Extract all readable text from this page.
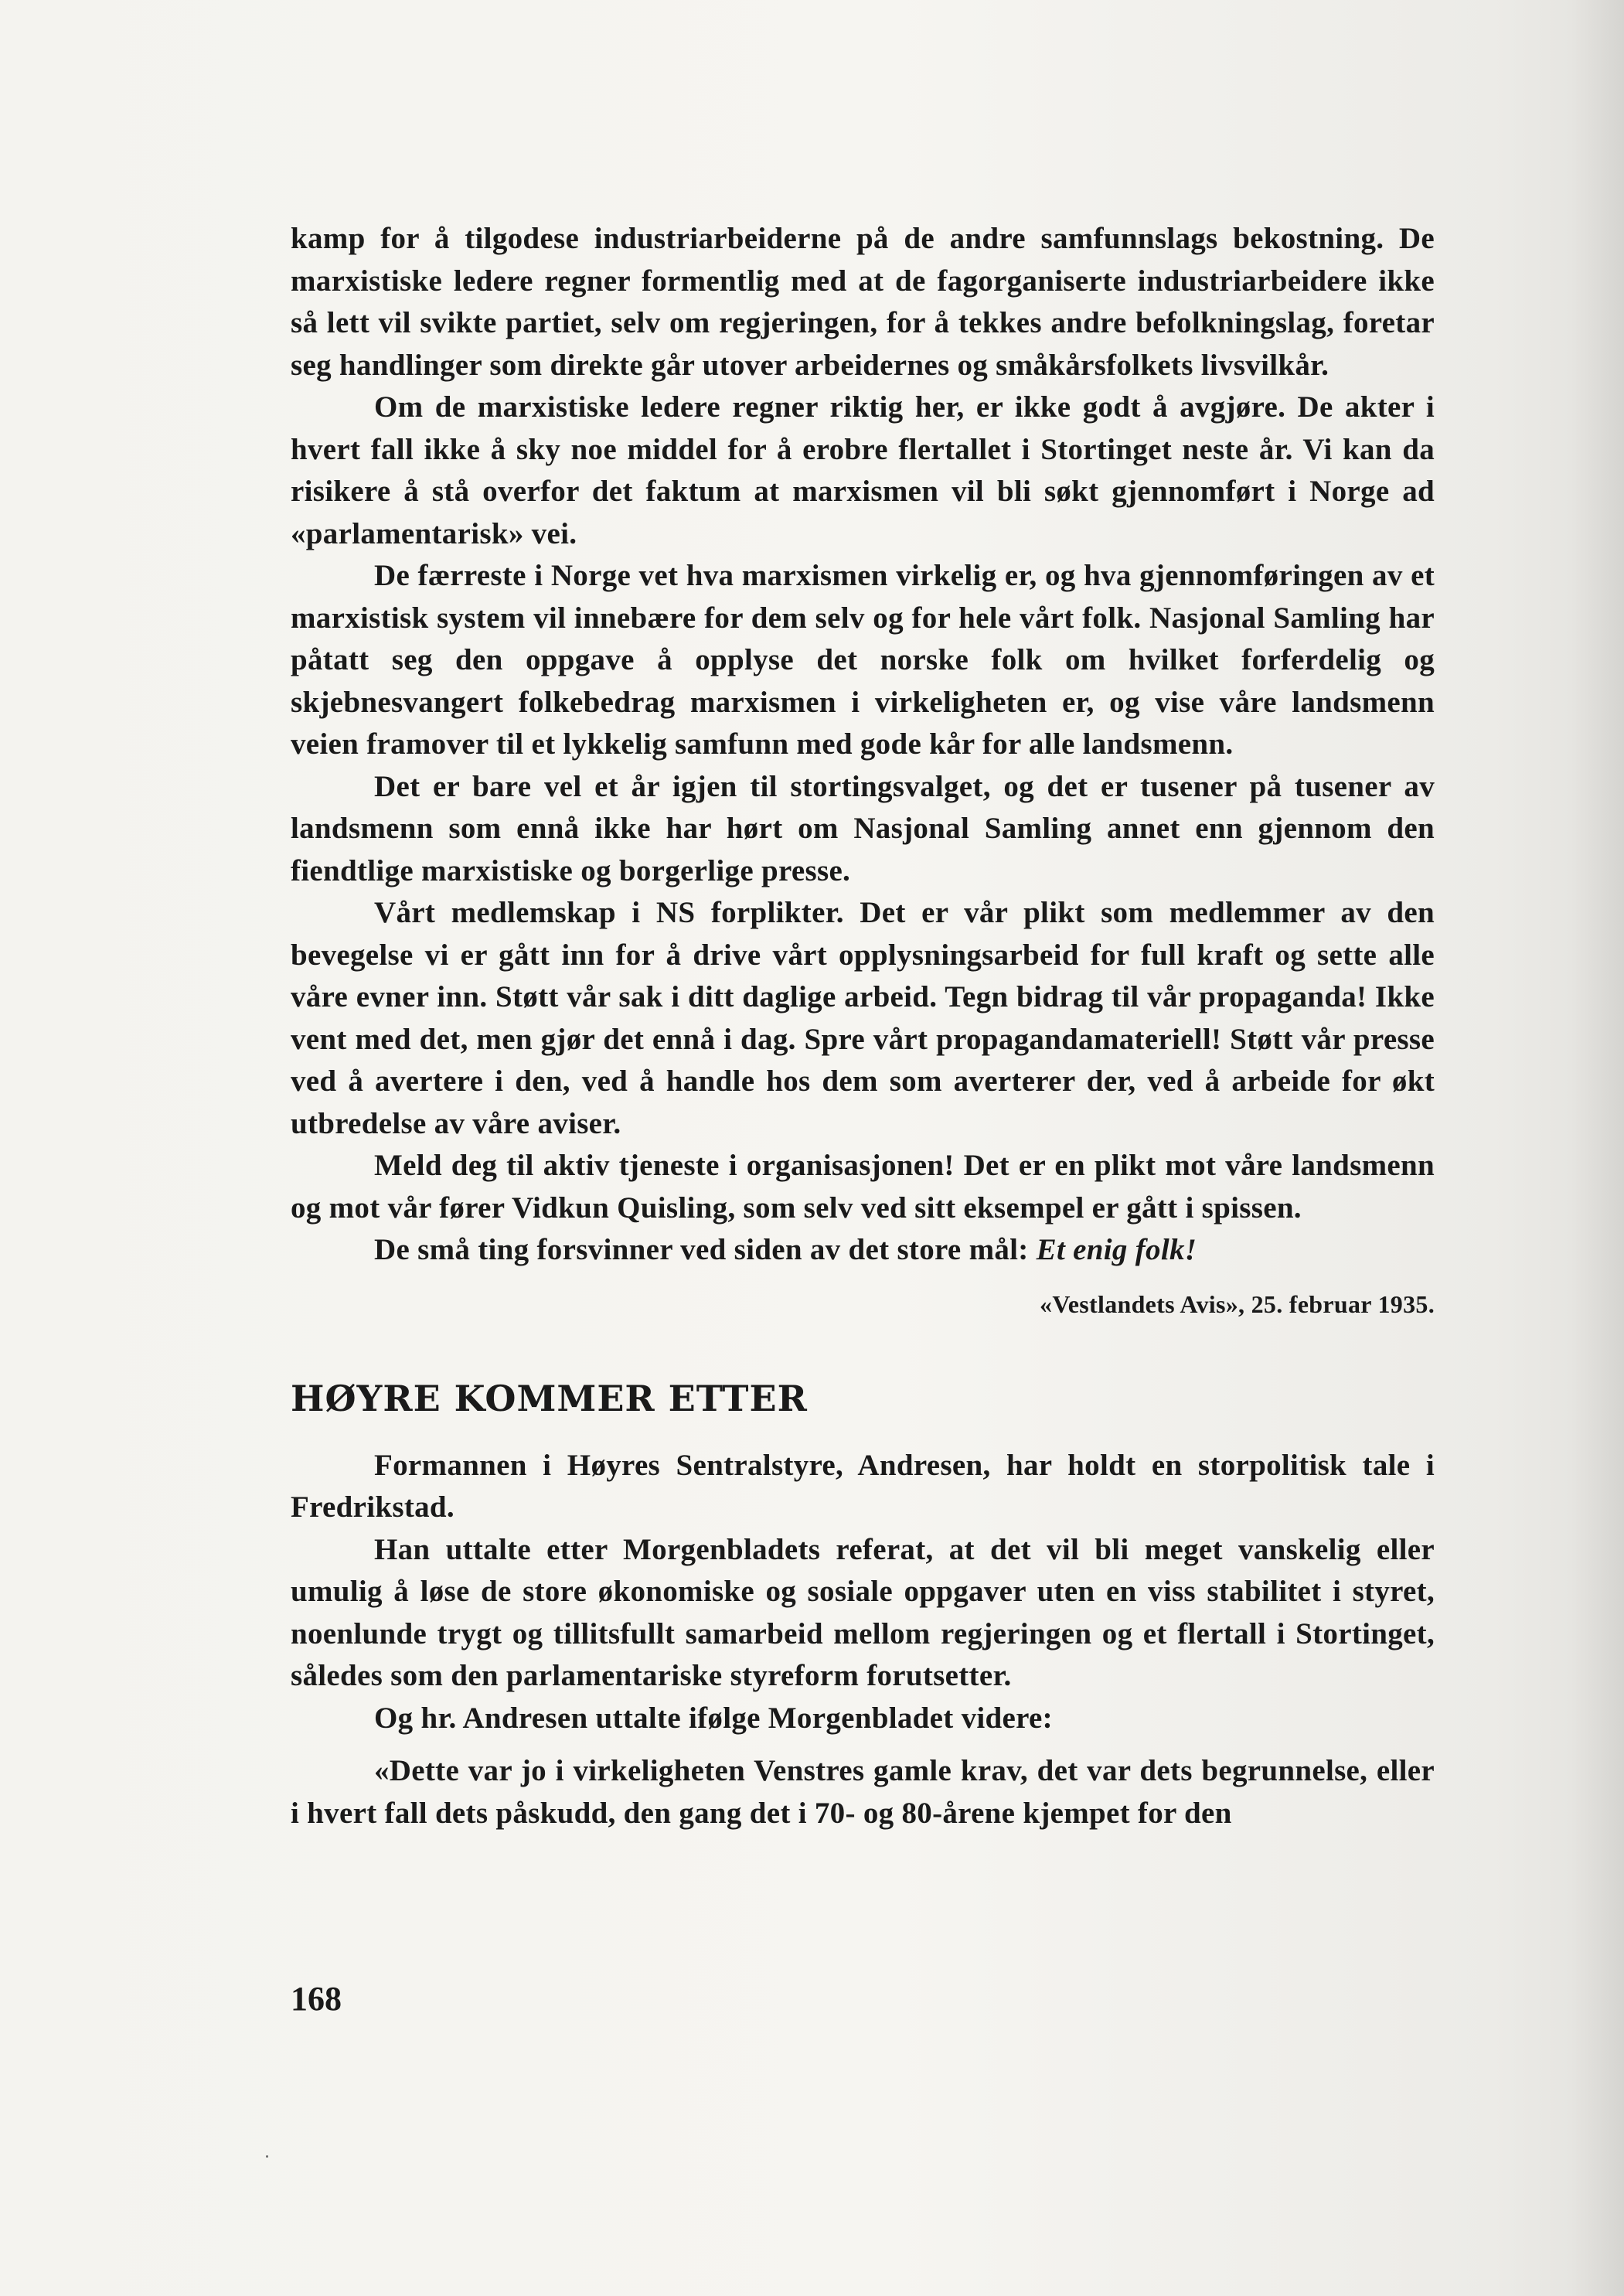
kamp for å tilgodese industriarbeiderne på de andre samfunnslags bekostning. De marxistiske ledere regner formentlig med at de fagorganiserte industriarbeidere ikke så lett vil svikte partiet, selv om regjeringen, for å tekkes andre befolkningslag, foretar seg handlinger som direkte går utover arbeidernes og småkårsfolkets livsvilkår.

Om de marxistiske ledere regner riktig her, er ikke godt å avgjøre. De akter i hvert fall ikke å sky noe middel for å erobre flertallet i Stortinget neste år. Vi kan da risikere å stå overfor det faktum at marxismen vil bli søkt gjennomført i Norge ad «parlamentarisk» vei.

De færreste i Norge vet hva marxismen virkelig er, og hva gjennomføringen av et marxistisk system vil innebære for dem selv og for hele vårt folk. Nasjonal Samling har påtatt seg den oppgave å opplyse det norske folk om hvilket forferdelig og skjebnesvangert folkebedrag marxismen i virkeligheten er, og vise våre landsmenn veien framover til et lykkelig samfunn med gode kår for alle landsmenn.

Det er bare vel et år igjen til stortingsvalget, og det er tusener på tusener av landsmenn som ennå ikke har hørt om Nasjonal Samling annet enn gjennom den fiendtlige marxistiske og borgerlige presse.

Vårt medlemskap i NS forplikter. Det er vår plikt som medlemmer av den bevegelse vi er gått inn for å drive vårt opplysningsarbeid for full kraft og sette alle våre evner inn. Støtt vår sak i ditt daglige arbeid. Tegn bidrag til vår propaganda! Ikke vent med det, men gjør det ennå i dag. Spre vårt propagandamateriell! Støtt vår presse ved å avertere i den, ved å handle hos dem som averterer der, ved å arbeide for økt utbredelse av våre aviser.

Meld deg til aktiv tjeneste i organisasjonen! Det er en plikt mot våre landsmenn og mot vår fører Vidkun Quisling, som selv ved sitt eksempel er gått i spissen.

De små ting forsvinner ved siden av det store mål: Et enig folk!

«Vestlandets Avis», 25. februar 1935.

HØYRE KOMMER ETTER

Formannen i Høyres Sentralstyre, Andresen, har holdt en storpolitisk tale i Fredrikstad.

Han uttalte etter Morgenbladets referat, at det vil bli meget vanskelig eller umulig å løse de store økonomiske og sosiale oppgaver uten en viss stabilitet i styret, noenlunde trygt og tillitsfullt samarbeid mellom regjeringen og et flertall i Stortinget, således som den parlamentariske styreform forutsetter.

Og hr. Andresen uttalte ifølge Morgenbladet videre:

«Dette var jo i virkeligheten Venstres gamle krav, det var dets begrunnelse, eller i hvert fall dets påskudd, den gang det i 70- og 80-årene kjempet for den

168
